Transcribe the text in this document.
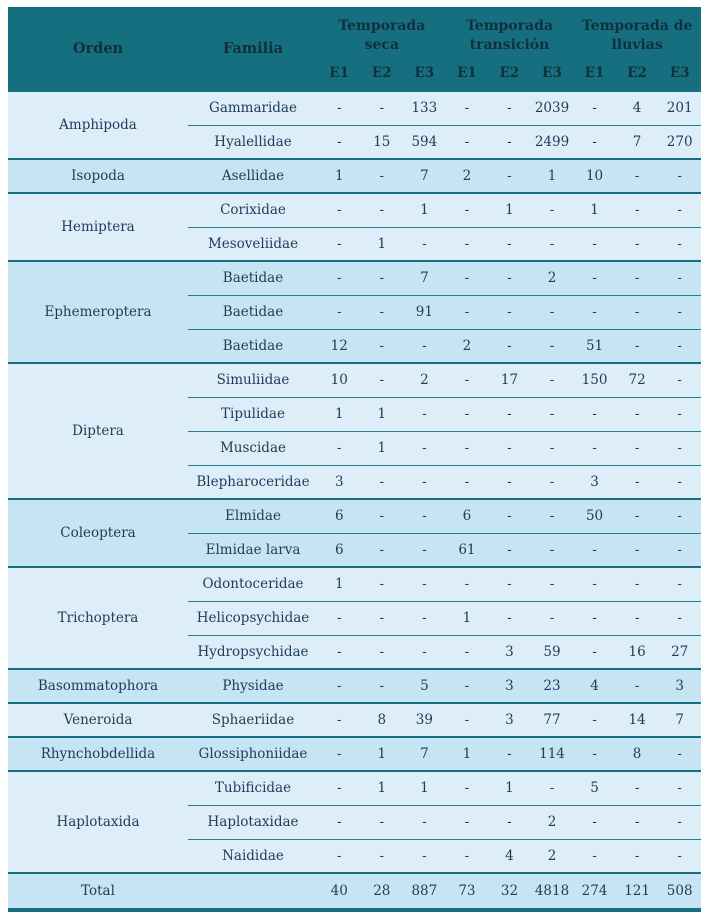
Orden	Familia	Temporada seca			Temporada transición			Temporada de lluvias		
		E1	E2	E3	E1	E2	E3	E1	E2	E3
Amphipoda	Gammaridae	-	-	133	-	-	2039	-	4	201
	Hyalellidae	-	15	594	-	-	2499	-	7	270
Isopoda	Asellidae	1	-	7	2	-	1	10	-	-
Hemiptera	Corixidae	-	-	1	-	1	-	1	-	-
	Mesoveliidae	-	1	-	-	-	-	-	-	-
Ephemeroptera	Baetidae	-	-	7	-	-	2	-	-	-
	Baetidae	-	-	91	-	-	-	-	-	-
	Baetidae	12	-	-	2	-	-	51	-	-
Diptera	Simuliidae	10	-	2	-	17	-	150	72	-
	Tipulidae	1	1	-	-	-	-	-	-	-
	Muscidae	-	1	-	-	-	-	-	-	-
	Blepharoceridae	3	-	-	-	-	-	3	-	-
Coleoptera	Elmidae	6	-	-	6	-	-	50	-	-
	Elmidae larva	6	-	-	61	-	-	-	-	-
Trichoptera	Odontoceridae	1	-	-	-	-	-	-	-	-
	Helicopsychidae	-	-	-	1	-	-	-	-	-
	Hydropsychidae	-	-	-	-	3	59	-	16	27
Basommatophora	Physidae	-	-	5	-	3	23	4	-	3
Veneroida	Sphaeriidae	-	8	39	-	3	77	-	14	7
Rhynchobdellida	Glossiphoniidae	-	1	7	1	-	114	-	8	-
Haplotaxida	Tubificidae	-	1	1	-	1	-	5	-	-
	Haplotaxidae	-	-	-	-	-	2	-	-	-
	Naididae	-	-	-	-	4	2	-	-	-
Total		40	28	887	73	32	4818	274	121	508
